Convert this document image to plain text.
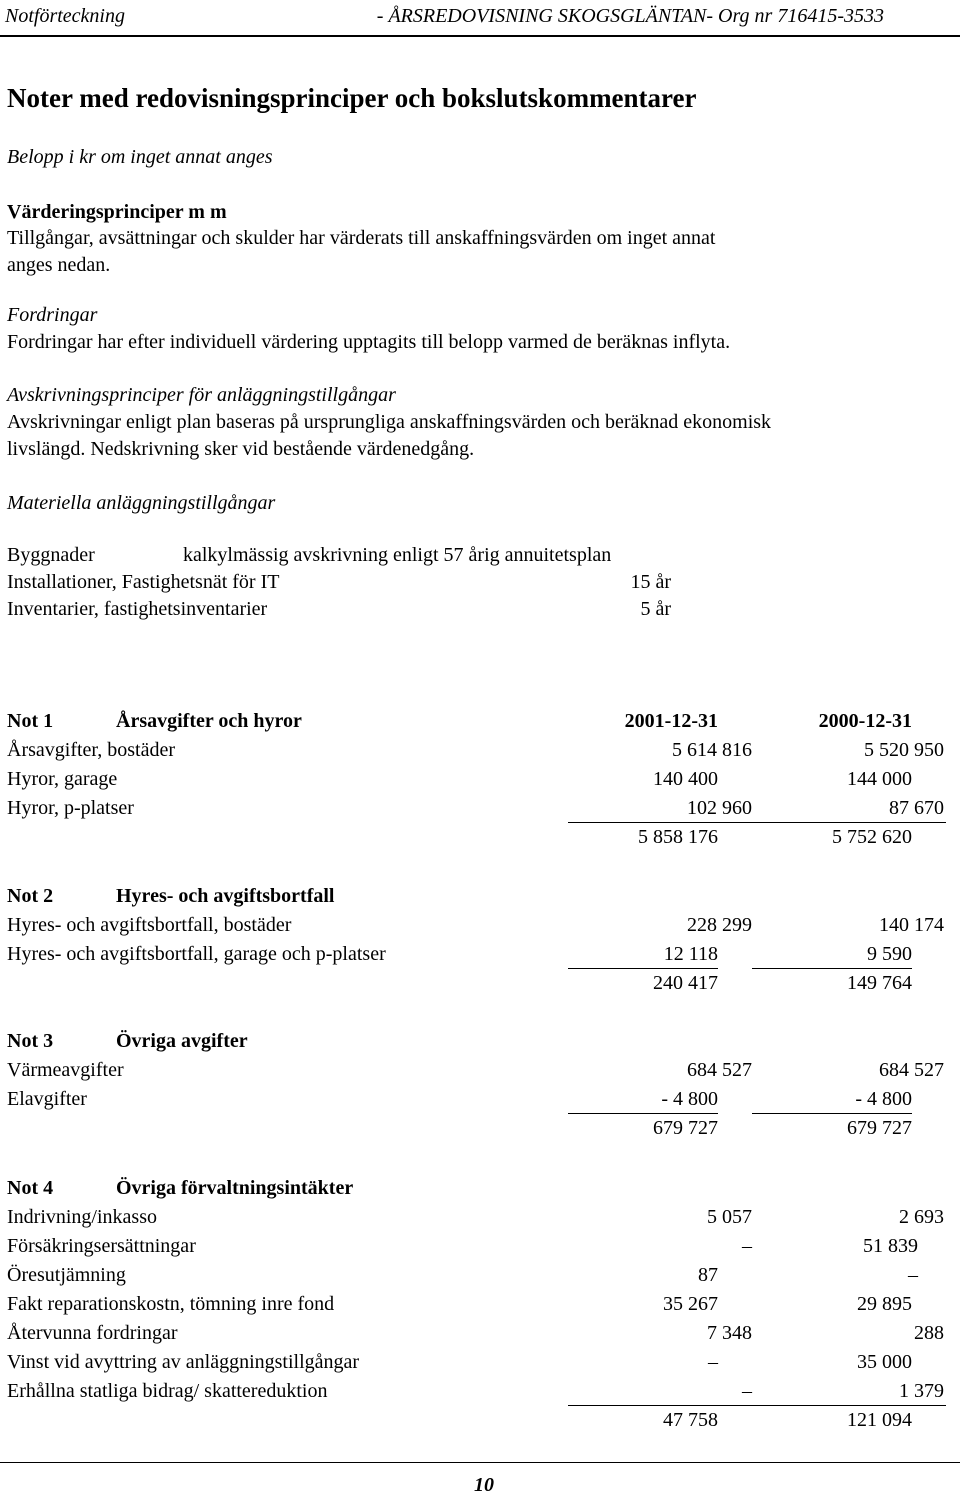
Notförteckning	- ÅRSREDOVISNING SKOGSGLÄNTAN- Org nr 716415-3533
Noter med redovisningsprinciper och bokslutskommentarer
Belopp i kr om inget annat anges
Värderingsprinciper m m
Tillgångar, avsättningar och skulder har värderats till anskaffningsvärden om inget annat
anges nedan.
Fordringar
Fordringar har efter individuell värdering upptagits till belopp varmed de beräknas inflyta.
Avskrivningsprinciper för anläggningstillgångar
Avskrivningar enligt plan baseras på ursprungliga anskaffningsvärden och beräknad ekonomisk
livslängd. Nedskrivning sker vid bestående värdenedgång.
Materiella anläggningstillgångar
Byggnader	kalkylmässig avskrivning enligt 57 årig annuitetsplan
Installationer, Fastighetsnät för IT	15 år
Inventarier, fastighetsinventarier	5 år
Not 1	Årsavgifter och hyror	2001-12-31	2000-12-31
Årsavgifter, bostäder	5 614 816	5 520 950
Hyror, garage	140 400	144 000
Hyror, p-platser	102 960	87 670
5 858 176	5 752 620
Not 2	Hyres- och avgiftsbortfall
Hyres- och avgiftsbortfall, bostäder	228 299	140 174
Hyres- och avgiftsbortfall, garage och p-platser	12 118	9 590
240 417	149 764
Not 3	Övriga avgifter
Värmeavgifter	684 527	684 527
Elavgifter	- 4 800	- 4 800
679 727	679 727
Not 4	Övriga förvaltningsintäkter
Indrivning/inkasso	5 057	2 693
Försäkringsersättningar	–	51 839
Öresutjämning	87	–
Fakt reparationskostn, tömning inre fond	35 267	29 895
Återvunna fordringar	7 348	288
Vinst vid avyttring av anläggningstillgångar	–	35 000
Erhållna statliga bidrag/ skattereduktion	–	1 379
47 758	121 094
10
